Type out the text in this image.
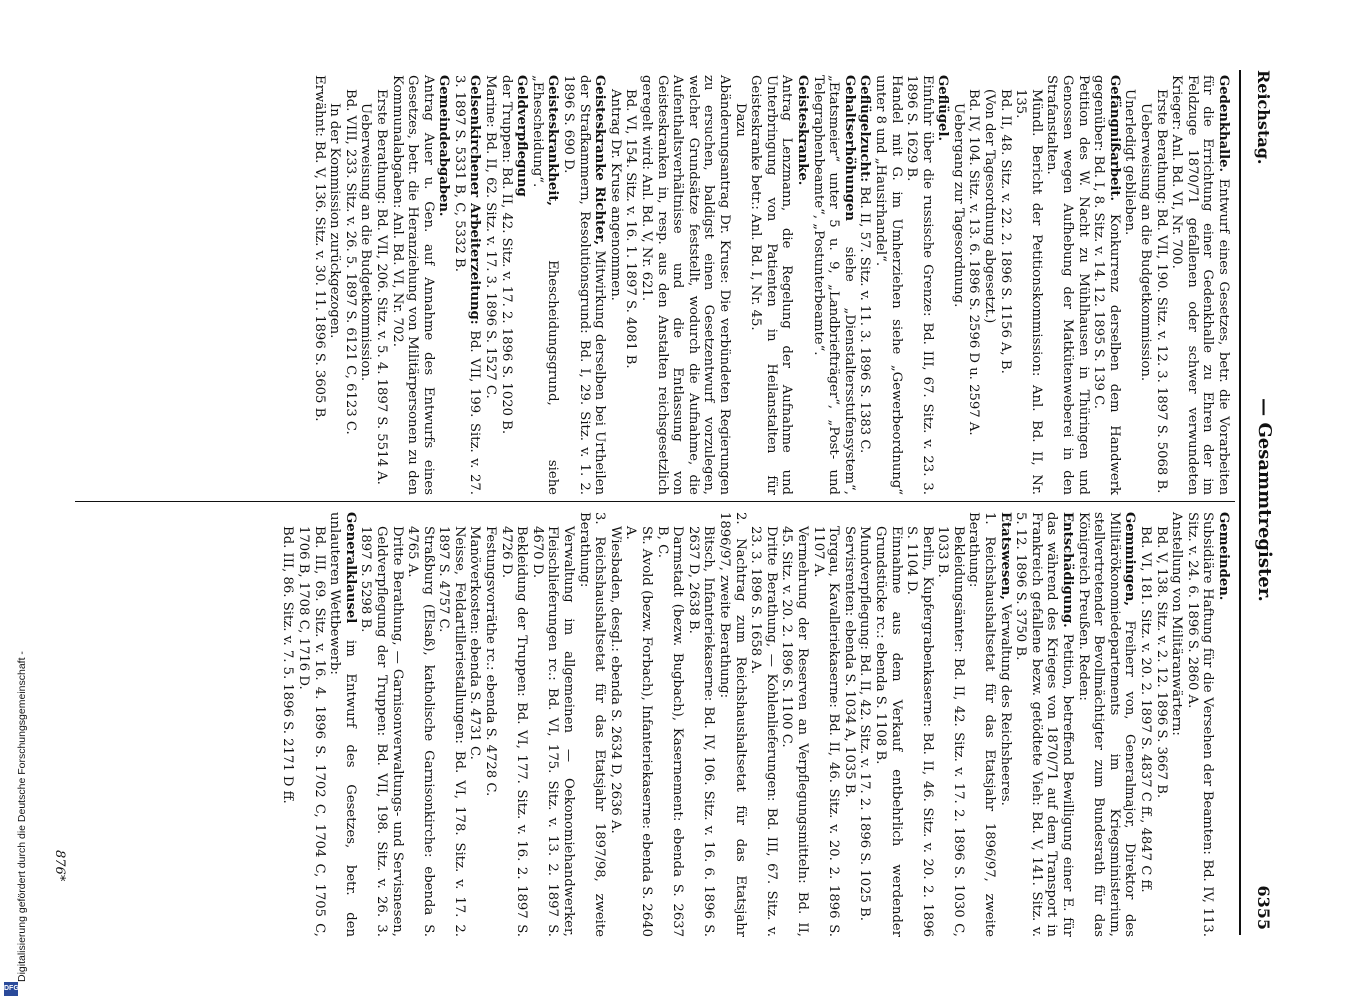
Reichstag.
— Gesammtregister.
6355

Gedenkhalle. Entwurf eines Gesetzes, betr. die Vorarbeiten für die Errichtung einer Gedenkhalle zu Ehren der im Feldzuge 1870/71 gefallenen oder schwer verwundeten Krieger: Anl. Bd. VI, Nr. 700.

Erste Berathung: Bd. VII, 190. Sitz. v. 12. 3. 1897 S. 5068 B.

Ueberweisung an die Budgetkommission.

Unerledigt geblieben.

Gefängnißarbeit. Konkurrenz derselben dem Handwerk gegenüber: Bd. I, 8. Sitz. v. 14. 12. 1895 S. 139 C.

Petition des W. Nacht zu Mühlhausen in Thüringen und Genossen wegen Aufhebung der Matkütenweberei in den Strafanstalten.

Mündl. Bericht der Petitionskommission: Anl. Bd. II, Nr. 135.

Bd. II, 48. Sitz. v. 22. 2. 1896 S. 1156 A, B.

(Von der Tagesordnung abgesetzt.)

Bd. IV, 104. Sitz. v. 13. 6. 1896 S. 2596 D u. 2597 A.

Uebergang zur Tagesordnung.

Geflügel.

Einfuhr über die russische Grenze: Bd. III, 67. Sitz. v. 23. 3. 1896 S. 1629 B.

Handel mit G. im Umherziehen siehe „Gewerbeordnung“ unter 8 und „Hausirhandel“.

Geflügelzucht: Bd. II, 57. Sitz. v. 11. 3. 1896 S. 1383 C.

Gehaltserhöhungen siehe „Dienstaltersstufensystem“, „Etatsmeier“ unter 5 u. 9, „Landbriefträger“, „Post- und Telegraphenbeamte“, „Postunterbeamte“.

Geisteskranke.

Antrag Lenzmann, die Regelung der Aufnahme und Unterbringung von Patienten in Heilanstalten für Geisteskranke betr.: Anl. Bd. I, Nr. 45.

Dazu

Abänderungsantrag Dr. Kruse: Die verbündeten Regierungen zu ersuchen, baldigst einen Gesetzentwurf vorzulegen, welcher Grundsätze feststellt, wodurch die Aufnahme, die Aufenthaltsverhältnisse und die Entlassung von Geisteskranken in, resp. aus den Anstalten reichsgesetzlich geregelt wird: Anl. Bd. V, Nr. 621.

Bd. VI, 154. Sitz. v. 16. 1. 1897 S. 4081 B.

Antrag Dr. Kruse angenommen.

Geisteskranke Richter, Mitwirkung derselben bei Urtheilen der Strafkammern, Resolutionsgrund: Bd. I, 29. Sitz. v. 1. 2. 1896 S. 690 D.

Geisteskrankheit, Ehescheidungsgrund, siehe „Ehescheidung“.

Geldverpflegung

der Truppen: Bd. II, 42. Sitz. v. 17. 2. 1896 S. 1020 B.

Marine: Bd. II, 62. Sitz. v. 17. 3. 1896 S. 1527 C.

Gelsenkirchener Arbeiterzeitung: Bd. VII, 199. Sitz. v. 27. 3. 1897 S. 5331 B, C, 5332 B.

Gemeindeabgaben.

Antrag Auer u. Gen. auf Annahme des Entwurfs eines Gesetzes, betr. die Heranziehung von Militärpersonen zu den Kommunalabgaben: Anl. Bd. VI, Nr. 702.

Erste Berathung: Bd. VII, 206. Sitz. v. 5. 4. 1897 S. 5514 A.

Ueberweisung an die Budgetkommission.

Bd. VIII, 233. Sitz. v. 26. 5. 1897 S. 6121 C, 6123 C.

In der Kommission zurückgezogen.

Erwähnt: Bd. V, 136. Sitz. v. 30. 11. 1896 S. 3605 B.

Gemeinden.

Subsidiäre Haftung für die Versehen der Beamten: Bd. IV, 113. Sitz. v. 24. 6. 1896 S. 2860 A.

Anstellung von Militäranwärtern:

Bd. V, 138. Sitz. v. 2. 12. 1896 S. 3667 B.

Bd. VI, 181. Sitz. v. 20. 2. 1897 S. 4837 C ff., 4847 C ff.

Gemmingen, Freiherr von, Generalmajor, Direktor des Militärökonomiedepartements im Kriegsministerium, stellvertretender Bevollmächtigter zum Bundesrath für das Königreich Preußen. Reden:

Entschädigung. Petition, betreffend Bewilligung einer E. für das während des Krieges von 1870/71 auf dem Transport in Frankreich gefallene bezw. getödtete Vieh: Bd. V, 141. Sitz. v. 5. 12. 1896 S. 3750 B.

Etatswesen, Verwaltung des Reichsheeres.

1. Reichshaushaltsetat für das Etatsjahr 1896/97, zweite Berathung:

Bekleidungsämter: Bd. II, 42. Sitz. v. 17. 2. 1896 S. 1030 C, 1033 B.

Berlin, Kupfergrabenkaserne: Bd. II, 46. Sitz. v. 20. 2. 1896 S. 1104 D.

Einnahme aus dem Verkauf entbehrlich werdender Grundstücke rc.: ebenda S. 1108 B.

Mundverpflegung: Bd. II, 42. Sitz. v. 17. 2. 1896 S. 1025 B.

Servisrenten: ebenda S. 1034 A, 1035 B.

Torgau, Kavalleriekaserne: Bd. II, 46. Sitz. v. 20. 2. 1896 S. 1107 A.

Vermehrung der Reserven an Verpflegungsmitteln: Bd. II, 45. Sitz. v. 20. 2. 1896 S. 1100 C.

Dritte Berathung, — Kohlenlieferungen: Bd. III, 67. Sitz. v. 23. 3. 1896 S. 1658 A.

2. Nachtrag zum Reichshaushaltsetat für das Etatsjahr 1896/97, zweite Berathung:

Bitsch, Infanteriekaserne: Bd. IV, 106. Sitz. v. 16. 6. 1896 S. 2637 D, 2638 B.

Darmstadt (bezw. Bugbach), Kasernement: ebenda S. 2637 B, C.

St. Avold (bezw. Forbach), Infanteriekaserne: ebenda S. 2640 A.

Wiesbaden, desgl.: ebenda S. 2634 D, 2636 A.

3. Reichshaushaltsetat für das Etatsjahr 1897/98, zweite Berathung:

Verwaltung im allgemeinen — Oekonomiehandwerker, Fleischlieferungen rc.: Bd. VI, 175. Sitz. v. 13. 2. 1897 S. 4670 D.

Bekleidung der Truppen: Bd. VI, 177. Sitz. v. 16. 2. 1897 S. 4726 D.

Festungsvorräthe rc.: ebenda S. 4728 C.

Manöverkosten: ebenda S. 4731 C.

Neisse, Feldartilleriestallungen: Bd. VI, 178. Sitz. v. 17. 2. 1897 S. 4757 C.

Straßburg (Elsaß), katholische Garnisonkirche: ebenda S. 4765 A.

Dritte Berathung, — Garnisonverwaltungs- und Servisnesen, Geldverpflegung der Truppen: Bd. VII, 198. Sitz. v. 26. 3. 1897 S. 5298 B.

Generalklausel im Entwurf des Gesetzes, betr. den unlauteren Wettbewerb:

Bd. III, 69. Sitz. v. 16. 4. 1896 S. 1702 C, 1704 C, 1705 C, 1706 B, 1708 C, 1716 D.

Bd. III, 86. Sitz. v. 7. 5. 1896 S. 2171 D ff.

876*
Digitalisierung gefördert durch die Deutsche Forschungsgemeinschaft -
DFG
